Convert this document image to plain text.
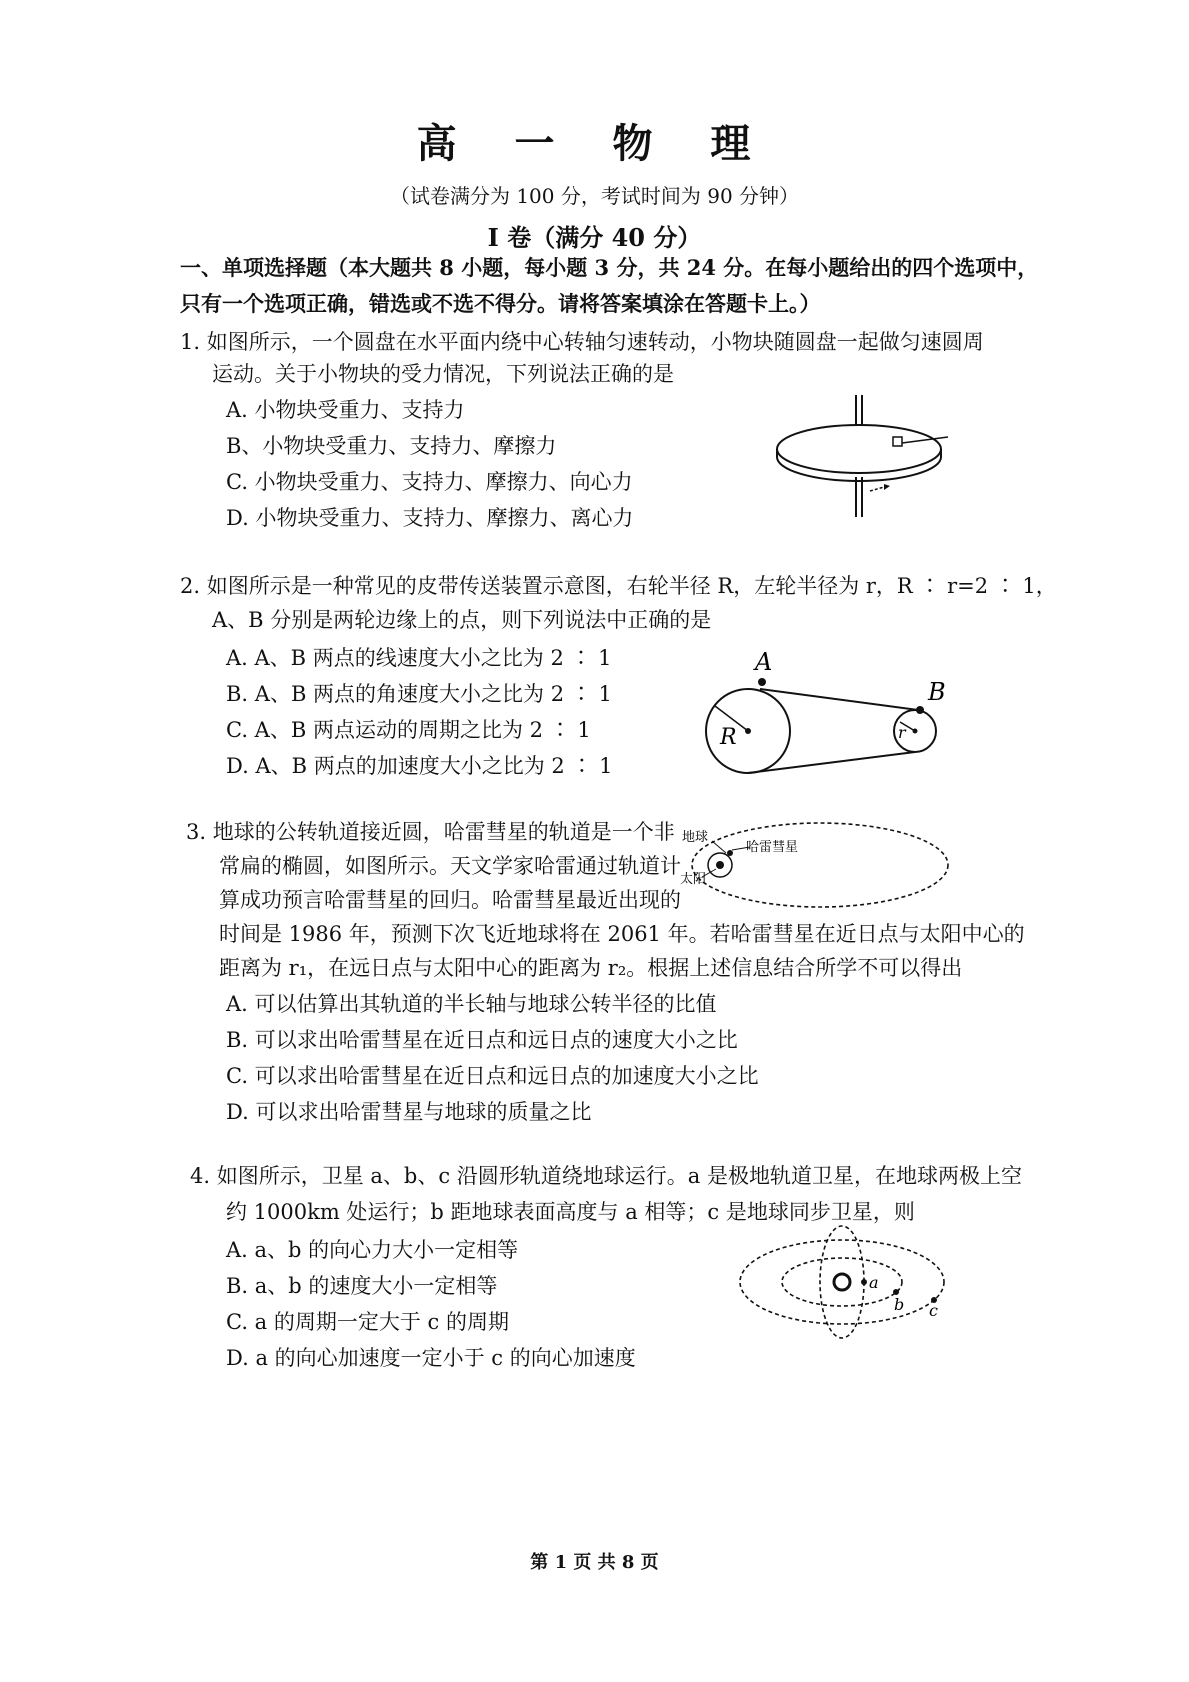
高 一 物 理
（试卷满分为 100 分，考试时间为 90 分钟）
I 卷（满分 40 分）
一、单项选择题（本大题共 8 小题，每小题 3 分，共 24 分。在每小题给出的四个选项中，
只有一个选项正确，错选或不选不得分。请将答案填涂在答题卡上。）
1. 如图所示，一个圆盘在水平面内绕中心转轴匀速转动，小物块随圆盘一起做匀速圆周
运动。关于小物块的受力情况，下列说法正确的是
A. 小物块受重力、支持力
B、小物块受重力、支持力、摩擦力
C. 小物块受重力、支持力、摩擦力、向心力
D. 小物块受重力、支持力、摩擦力、离心力
2. 如图所示是一种常见的皮带传送装置示意图，右轮半径 R，左轮半径为 r，R ∶ r=2 ∶ 1，
A、B 分别是两轮边缘上的点，则下列说法中正确的是
A. A、B 两点的线速度大小之比为 2 ∶ 1
B. A、B 两点的角速度大小之比为 2 ∶ 1
C. A、B 两点运动的周期之比为 2 ∶ 1
D. A、B 两点的加速度大小之比为 2 ∶ 1
A
B
R	r
3. 地球的公转轨道接近圆，哈雷彗星的轨道是一个非
常扁的椭圆，如图所示。天文学家哈雷通过轨道计
算成功预言哈雷彗星的回归。哈雷彗星最近出现的
时间是 1986 年，预测下次飞近地球将在 2061 年。若哈雷彗星在近日点与太阳中心的
距离为 r₁，在远日点与太阳中心的距离为 r₂。根据上述信息结合所学不可以得出
A. 可以估算出其轨道的半长轴与地球公转半径的比值
B. 可以求出哈雷彗星在近日点和远日点的速度大小之比
C. 可以求出哈雷彗星在近日点和远日点的加速度大小之比
D. 可以求出哈雷彗星与地球的质量之比
地球
哈雷彗星
太阳
4. 如图所示，卫星 a、b、c 沿圆形轨道绕地球运行。a 是极地轨道卫星，在地球两极上空
约 1000km 处运行；b 距地球表面高度与 a 相等；c 是地球同步卫星，则
A. a、b 的向心力大小一定相等
B. a、b 的速度大小一定相等
C. a 的周期一定大于 c 的周期
D. a 的向心加速度一定小于 c 的向心加速度
a
b c
第 1 页 共 8 页
